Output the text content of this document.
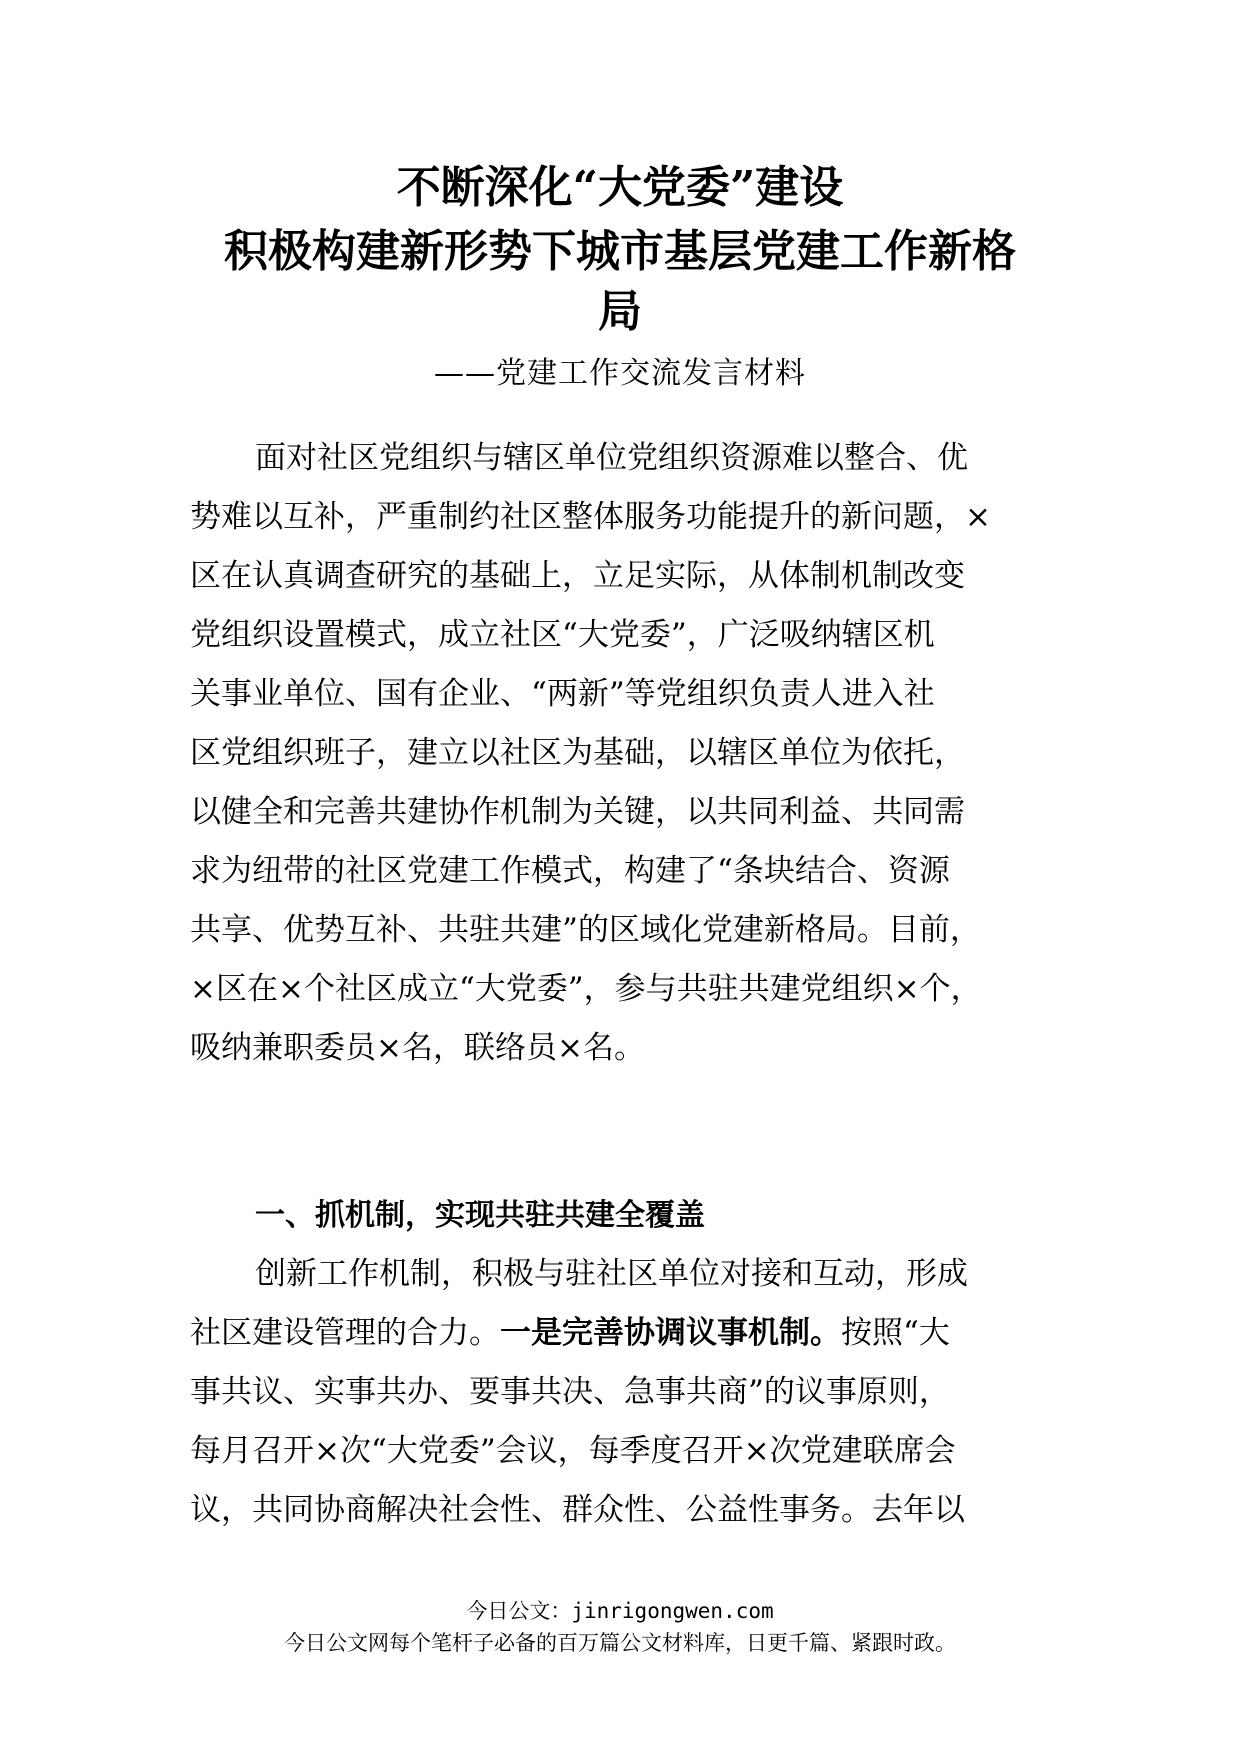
不断深化“大党委”建设
积极构建新形势下城市基层党建工作新格
局
——党建工作交流发言材料
面对社区党组织与辖区单位党组织资源难以整合、优
势难以互补，严重制约社区整体服务功能提升的新问题，×
区在认真调查研究的基础上，立足实际，从体制机制改变
党组织设置模式，成立社区“大党委”，广泛吸纳辖区机
关事业单位、国有企业、“两新”等党组织负责人进入社
区党组织班子，建立以社区为基础，以辖区单位为依托，
以健全和完善共建协作机制为关键，以共同利益、共同需
求为纽带的社区党建工作模式，构建了“条块结合、资源
共享、优势互补、共驻共建”的区域化党建新格局。目前，
×区在×个社区成立“大党委”，参与共驻共建党组织×个，
吸纳兼职委员×名，联络员×名。
一、抓机制，实现共驻共建全覆盖
创新工作机制，积极与驻社区单位对接和互动，形成
社区建设管理的合力。一是完善协调议事机制。按照“大
事共议、实事共办、要事共决、急事共商”的议事原则，
每月召开×次“大党委”会议，每季度召开×次党建联席会
议，共同协商解决社会性、群众性、公益性事务。去年以
今日公文：jinrigongwen.com
今日公文网每个笔杆子必备的百万篇公文材料库，日更千篇、紧跟时政。
